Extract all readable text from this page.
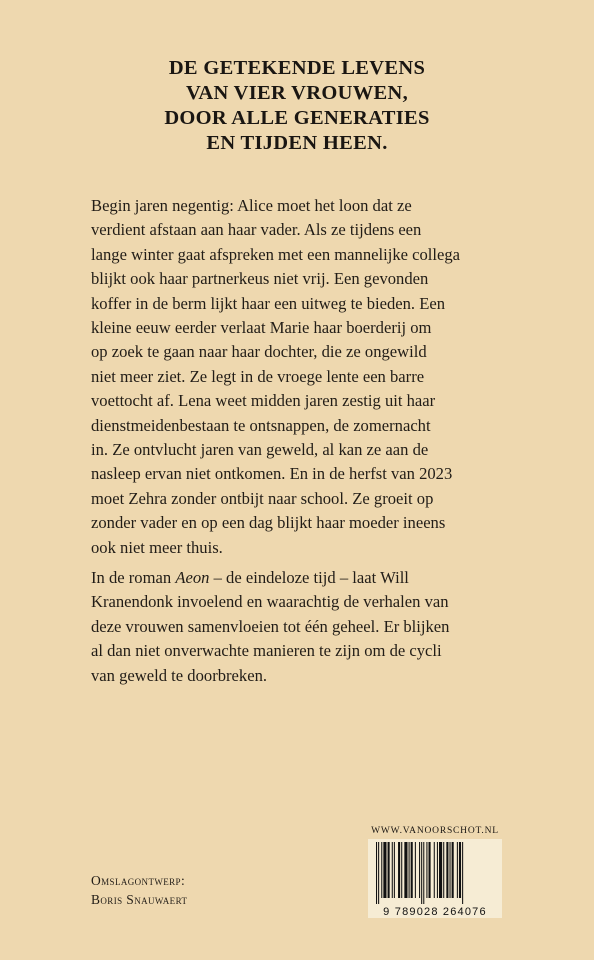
DE GETEKENDE LEVENS
VAN VIER VROUWEN,
DOOR ALLE GENERATIES
EN TIJDEN HEEN.
Begin jaren negentig: Alice moet het loon dat ze
verdient afstaan aan haar vader. Als ze tijdens een
lange winter gaat afspreken met een mannelijke collega
blijkt ook haar partnerkeus niet vrij. Een gevonden
koffer in de berm lijkt haar een uitweg te bieden. Een
kleine eeuw eerder verlaat Marie haar boerderij om
op zoek te gaan naar haar dochter, die ze ongewild
niet meer ziet. Ze legt in de vroege lente een barre
voettocht af. Lena weet midden jaren zestig uit haar
dienstmeidenbestaan te ontsnappen, de zomernacht
in. Ze ontvlucht jaren van geweld, al kan ze aan de
nasleep ervan niet ontkomen. En in de herfst van 2023
moet Zehra zonder ontbijt naar school. Ze groeit op
zonder vader en op een dag blijkt haar moeder ineens
ook niet meer thuis.
In de roman Aeon – de eindeloze tijd – laat Will
Kranendonk invoelend en waarachtig de verhalen van
deze vrouwen samenvloeien tot één geheel. Er blijken
al dan niet onverwachte manieren te zijn om de cycli
van geweld te doorbreken.
Omslagontwerp:
Boris Snauwaert
WWW.VANOORSCHOT.NL
9 789028 264076
